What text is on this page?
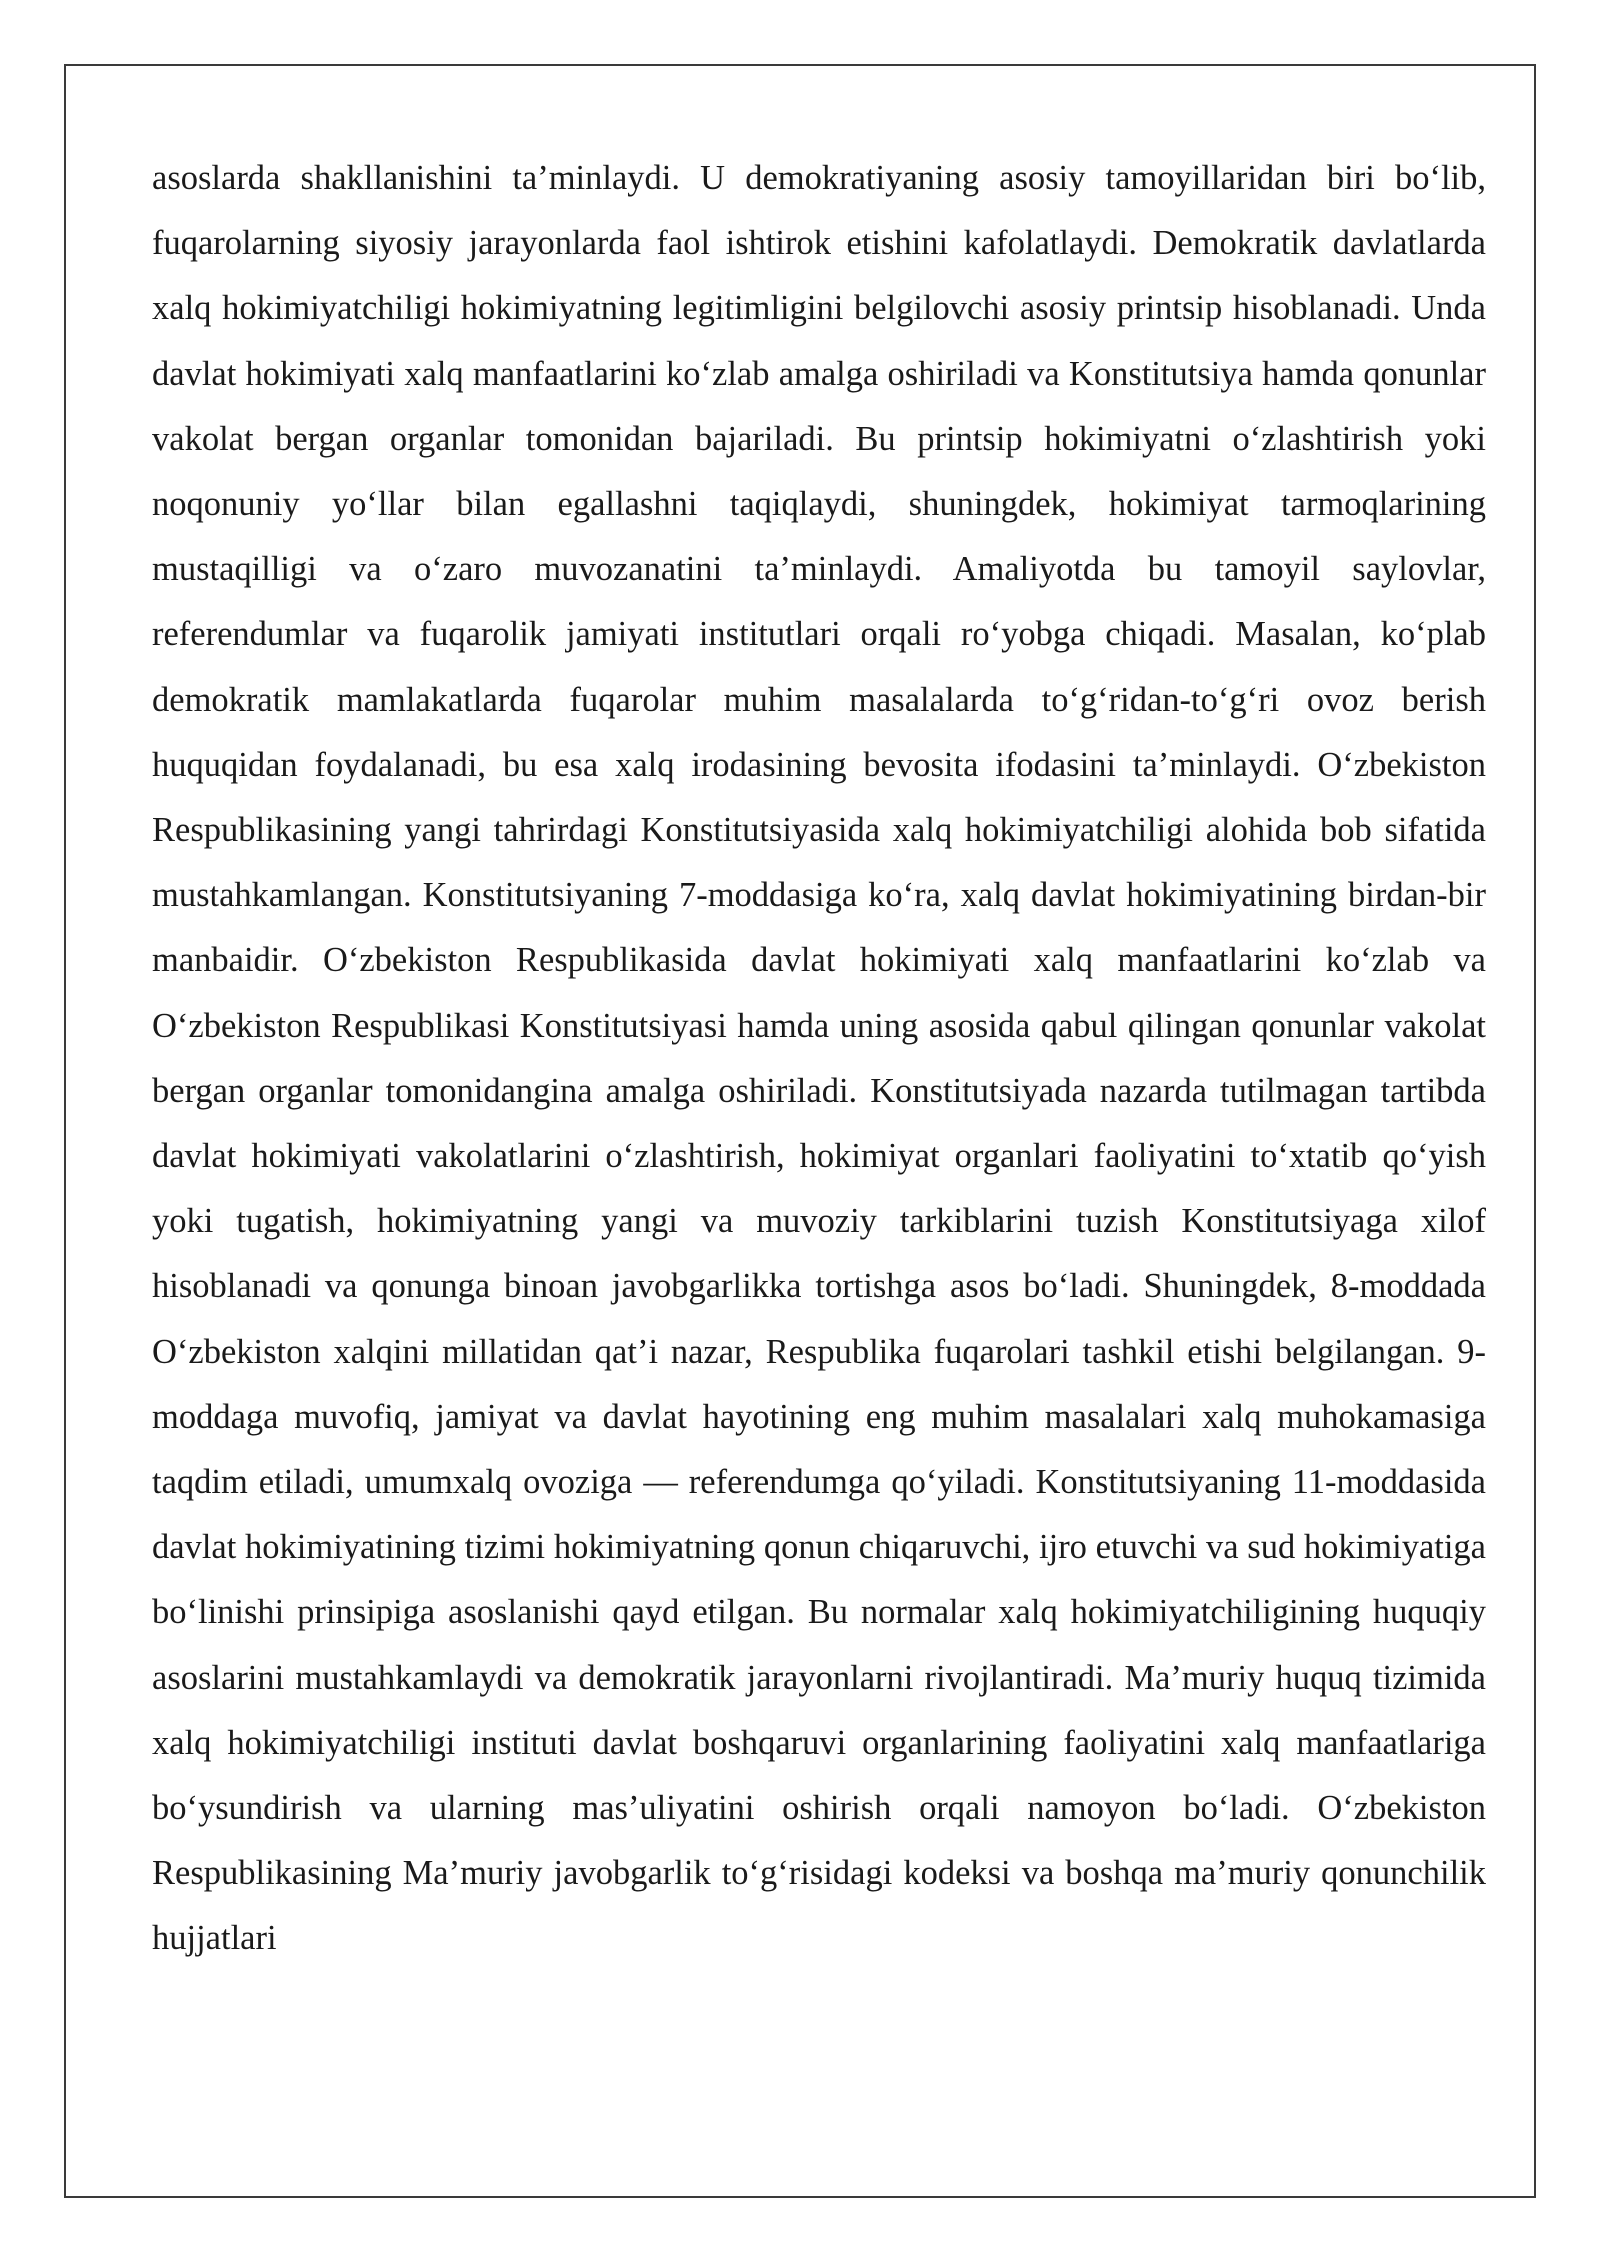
asoslarda shakllanishini ta’minlaydi. U demokratiyaning asosiy tamoyillaridan biri bo‘lib, fuqarolarning siyosiy jarayonlarda faol ishtirok etishini kafolatlaydi. Demokratik davlatlarda xalq hokimiyatchiligi hokimiyatning legitimligini belgilovchi asosiy printsip hisoblanadi. Unda davlat hokimiyati xalq manfaatlarini ko‘zlab amalga oshiriladi va Konstitutsiya hamda qonunlar vakolat bergan organlar tomonidan bajariladi. Bu printsip hokimiyatni o‘zlashtirish yoki noqonuniy yo‘llar bilan egallashni taqiqlaydi, shuningdek, hokimiyat tarmoqlarining mustaqilligi va o‘zaro muvozanatini ta’minlaydi. Amaliyotda bu tamoyil saylovlar, referendumlar va fuqarolik jamiyati institutlari orqali ro‘yobga chiqadi. Masalan, ko‘plab demokratik mamlakatlarda fuqarolar muhim masalalarda to‘g‘ridan-to‘g‘ri ovoz berish huquqidan foydalanadi, bu esa xalq irodasining bevosita ifodasini ta’minlaydi. O‘zbekiston Respublikasining yangi tahrirdagi Konstitutsiyasida xalq hokimiyatchiligi alohida bob sifatida mustahkamlangan. Konstitutsiyaning 7-moddasiga ko‘ra, xalq davlat hokimiyatining birdan-bir manbaidir. O‘zbekiston Respublikasida davlat hokimiyati xalq manfaatlarini ko‘zlab va O‘zbekiston Respublikasi Konstitutsiyasi hamda uning asosida qabul qilingan qonunlar vakolat bergan organlar tomonidangina amalga oshiriladi. Konstitutsiyada nazarda tutilmagan tartibda davlat hokimiyati vakolatlarini o‘zlashtirish, hokimiyat organlari faoliyatini to‘xtatib qo‘yish yoki tugatish, hokimiyatning yangi va muvoziy tarkiblarini tuzish Konstitutsiyaga xilof hisoblanadi va qonunga binoan javobgarlikka tortishga asos bo‘ladi. Shuningdek, 8-moddada O‘zbekiston xalqini millatidan qat’i nazar, Respublika fuqarolari tashkil etishi belgilangan. 9-moddaga muvofiq, jamiyat va davlat hayotining eng muhim masalalari xalq muhokamasiga taqdim etiladi, umumxalq ovoziga — referendumga qo‘yiladi. Konstitutsiyaning 11-moddasida davlat hokimiyatining tizimi hokimiyatning qonun chiqaruvchi, ijro etuvchi va sud hokimiyatiga bo‘linishi prinsipiga asoslanishi qayd etilgan. Bu normalar xalq hokimiyatchiligining huquqiy asoslarini mustahkamlaydi va demokratik jarayonlarni rivojlantiradi. Ma’muriy huquq tizimida xalq hokimiyatchiligi instituti davlat boshqaruvi organlarining faoliyatini xalq manfaatlariga bo‘ysundirish va ularning mas’uliyatini oshirish orqali namoyon bo‘ladi. O‘zbekiston Respublikasining Ma’muriy javobgarlik to‘g‘risidagi kodeksi va boshqa ma’muriy qonunchilik hujjatlari
